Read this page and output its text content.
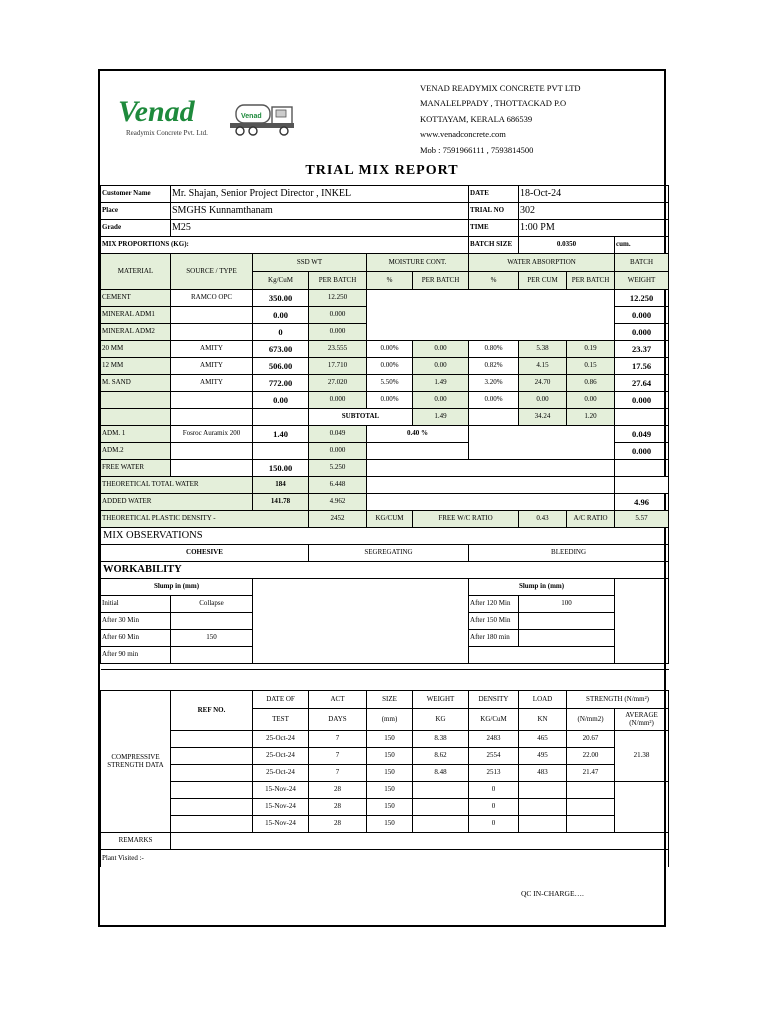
Venad
Readymix Concrete Pvt. Ltd.
Venad
VENAD READYMIX CONCRETE PVT LTD
MANALELPPADY , THOTTACKAD P.O
KOTTAYAM, KERALA 686539
www.venadconcrete.com
Mob : 7591966111 , 7593814500
TRIAL MIX REPORT
Customer Name	Mr. Shajan, Senior Project Director , INKEL					DATE	18-Oct-24		
Place	SMGHS Kunnamthanam					TRIAL NO	302		
Grade	M25					TIME	1:00 PM		
MIX PROPORTIONS (KG):						BATCH SIZE	0.0350		cum.
MATERIAL	SOURCE / TYPE	SSD WT		MOISTURE CONT.		WATER ABSORPTION			BATCH
		Kg/CuM	PER BATCH	%	PER BATCH	%	PER CUM	PER BATCH	WEIGHT
CEMENT	RAMCO OPC	350.00	12.250						12.250
MINERAL ADM1		0.00	0.000						0.000
MINERAL ADM2		0	0.000						0.000
20 MM	AMITY	673.00	23.555	0.00%	0.00	0.80%	5.38	0.19	23.37
12 MM	AMITY	506.00	17.710	0.00%	0.00	0.82%	4.15	0.15	17.56
M. SAND	AMITY	772.00	27.020	5.50%	1.49	3.20%	24.70	0.86	27.64
		0.00	0.000	0.00%	0.00	0.00%	0.00	0.00	0.000
			SUBTOTAL		1.49		34.24	1.20	
ADM. 1	Fosroc Auramix 200	1.40	0.049	0.40 %					0.049
ADM.2			0.000						0.000
FREE WATER		150.00	5.250						
THEORETICAL TOTAL WATER		184	6.448						
ADDED WATER		141.78	4.962						4.96
THEORETICAL PLASTIC DENSITY -			2452	KG/CUM	FREE W/C RATIO		0.43	A/C RATIO	5.57
MIX OBSERVATIONS									
COHESIVE			SEGREGATING			BLEEDING			
WORKABILITY									
Slump in (mm)						Slump in (mm)			
Initial	Collapse					After 120 Min	100		
After 30 Min						After 150 Min			
After 60 Min	150					After 180 min			
After 90 min									

COMPRESSIVE STRENGTH DATA	REF NO.	DATE OF	ACT	SIZE	WEIGHT	DENSITY	LOAD	STRENGTH (N/mm²)	
		TEST	DAYS	(mm)	KG	KG/CuM	KN	(N/mm2)	AVERAGE
(N/mm²)
		25-Oct-24	7	150	8.38	2483	465	20.67	21.38
		25-Oct-24	7	150	8.62	2554	495	22.00	
		25-Oct-24	7	150	8.48	2513	483	21.47	
		15-Nov-24	28	150		0			
		15-Nov-24	28	150		0			
		15-Nov-24	28	150		0			
REMARKS									
Plant Visited :-									
QC IN-CHARGE….
